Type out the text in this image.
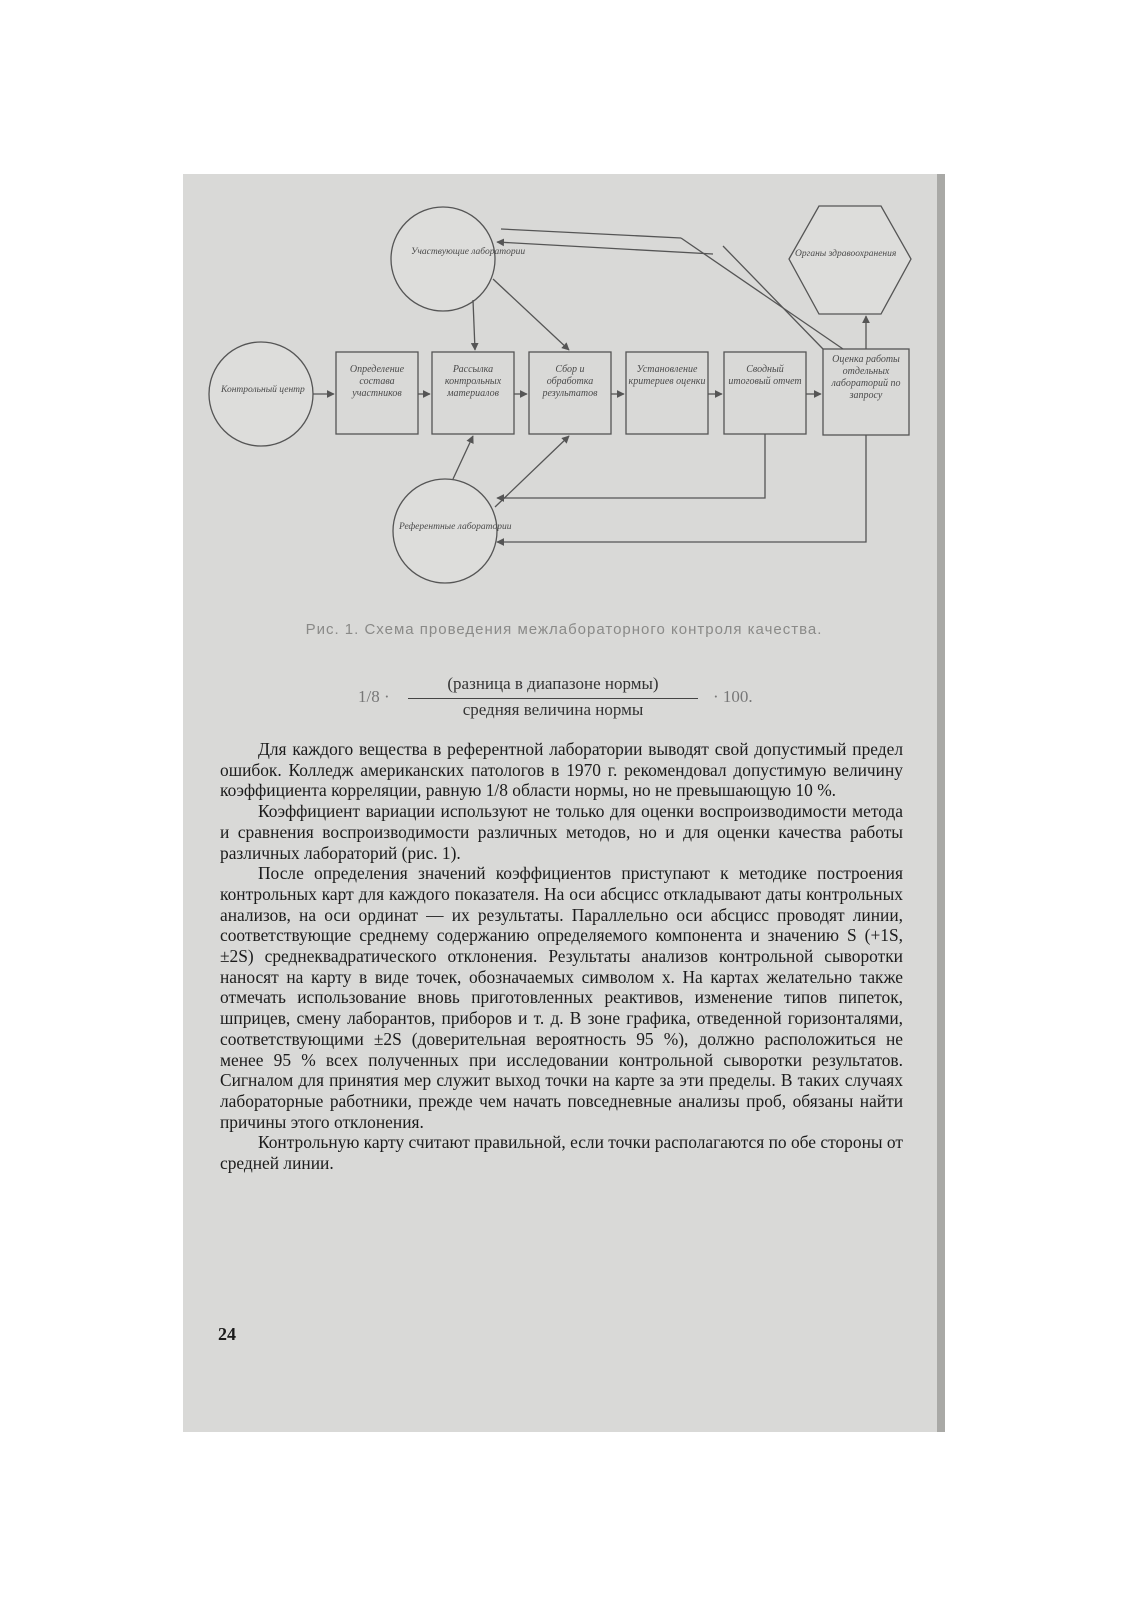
Участвующие лаборатории	Органы здравоохранения
Контрольный центр
Референтные лаборатории
Определение состава участников
Рассылка контрольных материалов
Сбор и обработка результатов
Установление критериев оценки
Сводный итоговый отчет
Оценка работы отдельных лабораторий по запросу
Рис. 1. Схема проведения межлабораторного контроля качества.
1/8 ·
(разница в диапазоне нормы)
средняя величина нормы
· 100.

Для каждого вещества в референтной лаборатории выводят свой допустимый предел ошибок. Колледж американских патологов в 1970 г. рекомендовал допустимую величину коэффициента корреляции, равную 1/8 области нормы, но не превышающую 10 %.

Коэффициент вариации используют не только для оценки воспроизводимости метода и сравнения воспроизводимости различных методов, но и для оценки качества работы различных лабораторий (рис. 1).

После определения значений коэффициентов приступают к методике построения контрольных карт для каждого показателя. На оси абсцисс откладывают даты контрольных анализов, на оси ординат — их результаты. Параллельно оси абсцисс проводят линии, соответствующие среднему содержанию определяемого компонента и значению S (+1S, ±2S) среднеквадратического отклонения. Результаты анализов контрольной сыворотки наносят на карту в виде точек, обозначаемых символом x. На картах желательно также отмечать использование вновь приготовленных реактивов, изменение типов пипеток, шприцев, смену лаборантов, приборов и т. д. В зоне графика, отведенной горизонталями, соответствующими ±2S (доверительная вероятность 95 %), должно расположиться не менее 95 % всех полученных при исследовании контрольной сыворотки результатов. Сигналом для принятия мер служит выход точки на карте за эти пределы. В таких случаях лабораторные работники, прежде чем начать повседневные анализы проб, обязаны найти причины этого отклонения.

Контрольную карту считают правильной, если точки располагаются по обе стороны от средней линии.

24
